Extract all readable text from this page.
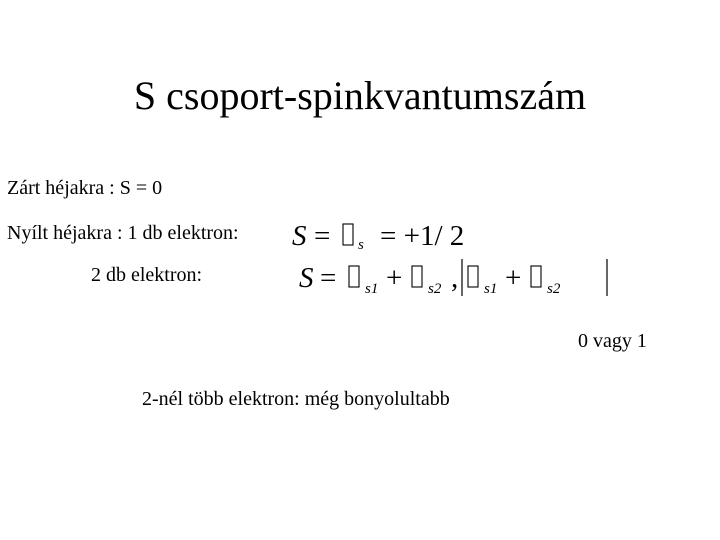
S csoport-spinkvantumszám
Zárt héjakra : S = 0
Nyílt héjakra : 1 db elektron:
2 db elektron:
0 vagy 1
2-nél több elektron: még bonyolultabb
S = s = +1/ 2
S = s1 + s2 , s1 + s2
